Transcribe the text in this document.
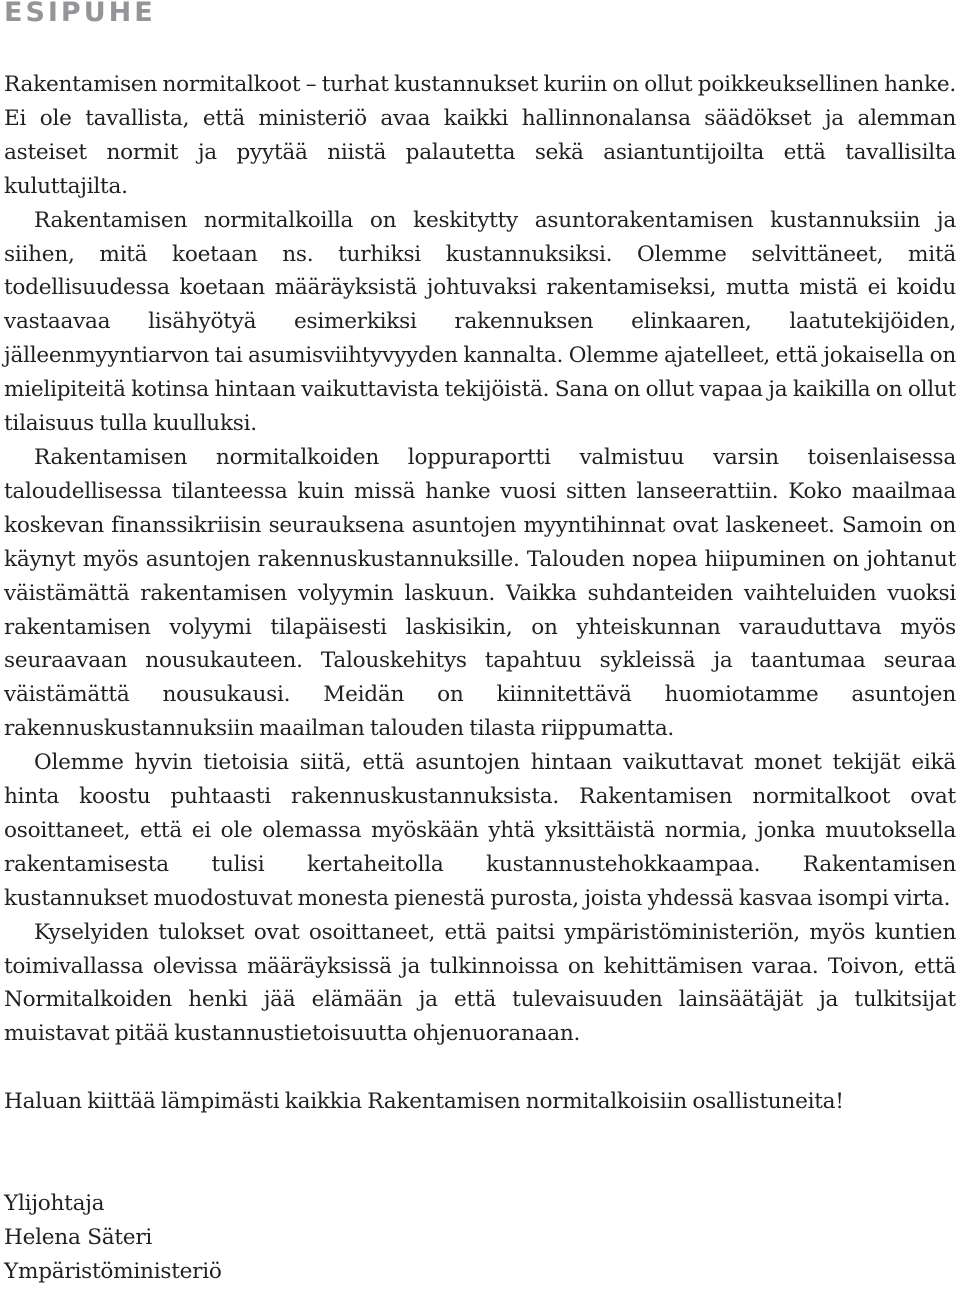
ESIPUHE

Rakentamisen normitalkoot – turhat kustannukset kuriin on ollut poikkeuksellinen hanke. Ei ole tavallista, että ministeriö avaa kaikki hallinnonalansa säädökset ja alemman asteiset normit ja pyytää niistä palautetta sekä asiantuntijoilta että tavallisilta kuluttajilta.

Rakentamisen normitalkoilla on keskitytty asuntorakentamisen kustannuksiin ja siihen, mitä koetaan ns. turhiksi kustannuksiksi. Olemme selvittäneet, mitä todellisuudessa koetaan määräyksistä johtuvaksi rakentamiseksi, mutta mistä ei koidu vastaavaa lisähyötyä esimerkiksi rakennuksen elinkaaren, laatutekijöiden, jälleenmyyntiarvon tai asumisviihtyvyyden kannalta. Olemme ajatelleet, että jokaisella on mielipiteitä kotinsa hintaan vaikuttavista tekijöistä. Sana on ollut vapaa ja kaikilla on ollut tilaisuus tulla kuulluksi.

Rakentamisen normitalkoiden loppuraportti valmistuu varsin toisenlaisessa taloudellisessa tilanteessa kuin missä hanke vuosi sitten lanseerattiin. Koko maailmaa koskevan finanssikriisin seurauksena asuntojen myyntihinnat ovat laskeneet. Samoin on käynyt myös asuntojen rakennuskustannuksille. Talouden nopea hiipuminen on johtanut väistämättä rakentamisen volyymin laskuun. Vaikka suhdanteiden vaihteluiden vuoksi rakentamisen volyymi tilapäisesti laskisikin, on yhteiskunnan varauduttava myös seuraavaan nousukauteen. Talouskehitys tapahtuu sykleissä ja taantumaa seuraa väistämättä nousukausi. Meidän on kiinnitettävä huomiotamme asuntojen rakennuskustannuksiin maailman talouden tilasta riippumatta.

Olemme hyvin tietoisia siitä, että asuntojen hintaan vaikuttavat monet tekijät eikä hinta koostu puhtaasti rakennuskustannuksista. Rakentamisen normitalkoot ovat osoittaneet, että ei ole olemassa myöskään yhtä yksittäistä normia, jonka muutoksella rakentamisesta tulisi kertaheitolla kustannustehokkaampaa. Rakentamisen kustannukset muodostuvat monesta pienestä purosta, joista yhdessä kasvaa isompi virta.

Kyselyiden tulokset ovat osoittaneet, että paitsi ympäristöministeriön, myös kuntien toimivallassa olevissa määräyksissä ja tulkinnoissa on kehittämisen varaa. Toivon, että Normitalkoiden henki jää elämään ja että tulevaisuuden lainsäätäjät ja tulkitsijat muistavat pitää kustannustietoisuutta ohjenuoranaan.

Haluan kiittää lämpimästi kaikkia Rakentamisen normitalkoisiin osallistuneita!

Ylijohtaja
Helena Säteri
Ympäristöministeriö
